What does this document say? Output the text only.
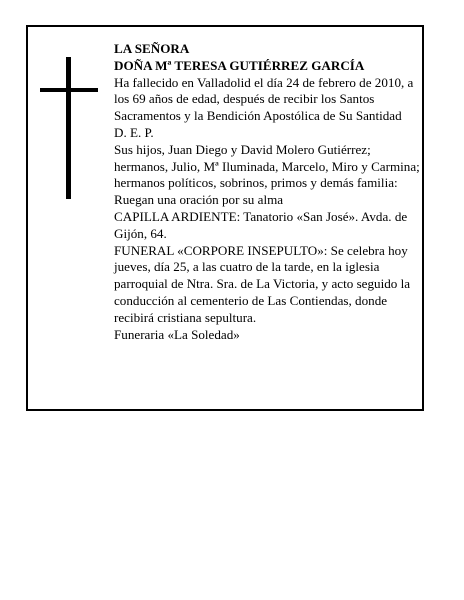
LA SEÑORA

DOÑA Mª TERESA GUTIÉRREZ GARCÍA

Ha fallecido en Valladolid el día 24 de febrero de 2010, a los 69 años de edad, después de recibir los Santos Sacramentos y la Bendición Apostólica de Su Santidad

D. E. P.

Sus hijos, Juan Diego y David Molero Gutiérrez; hermanos, Julio, Mª Iluminada, Marcelo, Miro y Carmina; hermanos políticos, sobrinos, primos y demás familia:

Ruegan una oración por su alma

CAPILLA ARDIENTE: Tanatorio «San José». Avda. de Gijón, 64.

FUNERAL «CORPORE INSEPULTO»: Se celebra hoy jueves, día 25, a las cuatro de la tarde, en la iglesia parroquial de Ntra. Sra. de La Victoria, y acto seguido la conducción al cementerio de Las Contiendas, donde recibirá cristiana sepultura.

Funeraria «La Soledad»
